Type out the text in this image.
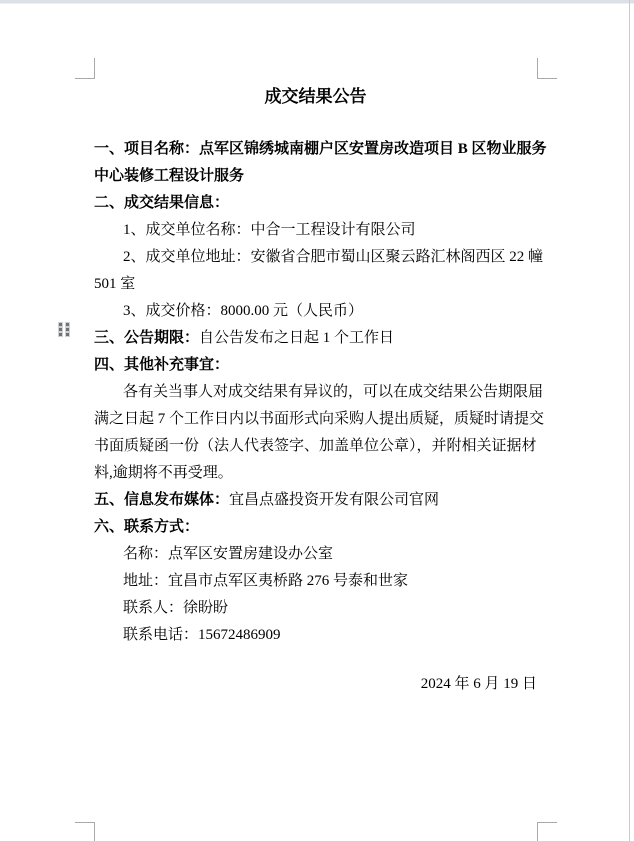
成交结果公告
一、项目名称：点军区锦绣城南棚户区安置房改造项目 B 区物业服务
中心装修工程设计服务
二、成交结果信息：
1、成交单位名称：中合一工程设计有限公司
2、成交单位地址：安徽省合肥市蜀山区聚云路汇林阁西区 22 幢
501 室
3、成交价格：8000.00 元（人民币）
三、公告期限：自公告发布之日起 1 个工作日
四、其他补充事宜：
各有关当事人对成交结果有异议的，可以在成交结果公告期限届
满之日起 7 个工作日内以书面形式向采购人提出质疑，质疑时请提交
书面质疑函一份（法人代表签字、加盖单位公章），并附相关证据材
料,逾期将不再受理。
五、信息发布媒体：宜昌点盛投资开发有限公司官网
六、联系方式：
名称：点军区安置房建设办公室
地址：宜昌市点军区夷桥路 276 号泰和世家
联系人：徐盼盼
联系电话：15672486909
2024 年 6 月 19 日
